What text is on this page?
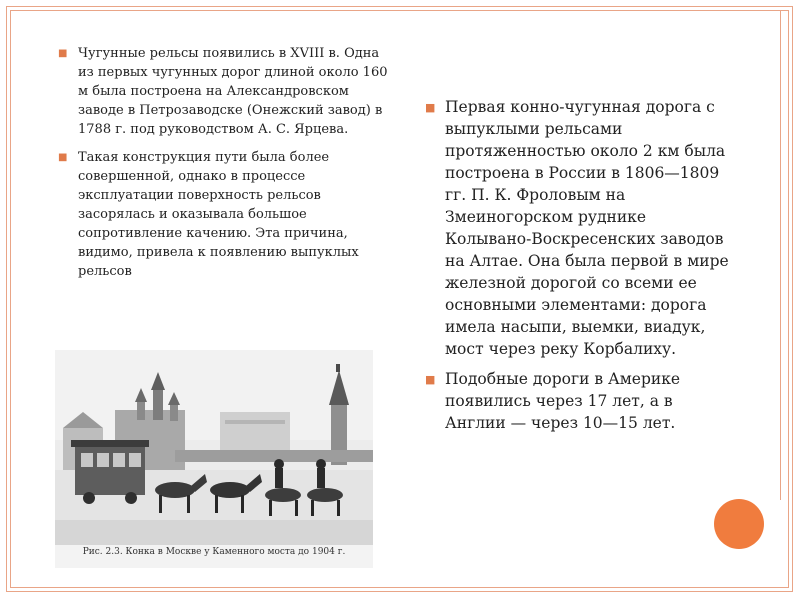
■ Чугунные рельсы появились в XVIII в. Одна из первых чугунных дорог длиной около 160 м была построена на Александровском заводе в Петрозаводске (Онежский завод) в 1788 г. под руководством А. С. Ярцева.
■ Такая конструкция пути была более совершенной, однако в процессе эксплуатации поверхность рельсов засорялась и оказывала большое сопротивление качению. Эта причина, видимо, привела к появлению выпуклых рельсов
■ Первая конно-чугунная дорога с выпуклыми рельсами протяженностью около 2 км была построена в России в 1806—1809 гг. П. К. Фроловым на Змеиногорском руднике Колывано-Воскресенских заводов на Алтае. Она была первой в мире железной дорогой со всеми ее основными элементами: дорога имела насыпи, выемки, виадук, мост через реку Корбалиху.
■ Подобные дороги в Америке появились через 17 лет, а в Англии — через 10—15 лет.
Рис. 2.3. Конка в Москве у Каменного моста до 1904 г.
